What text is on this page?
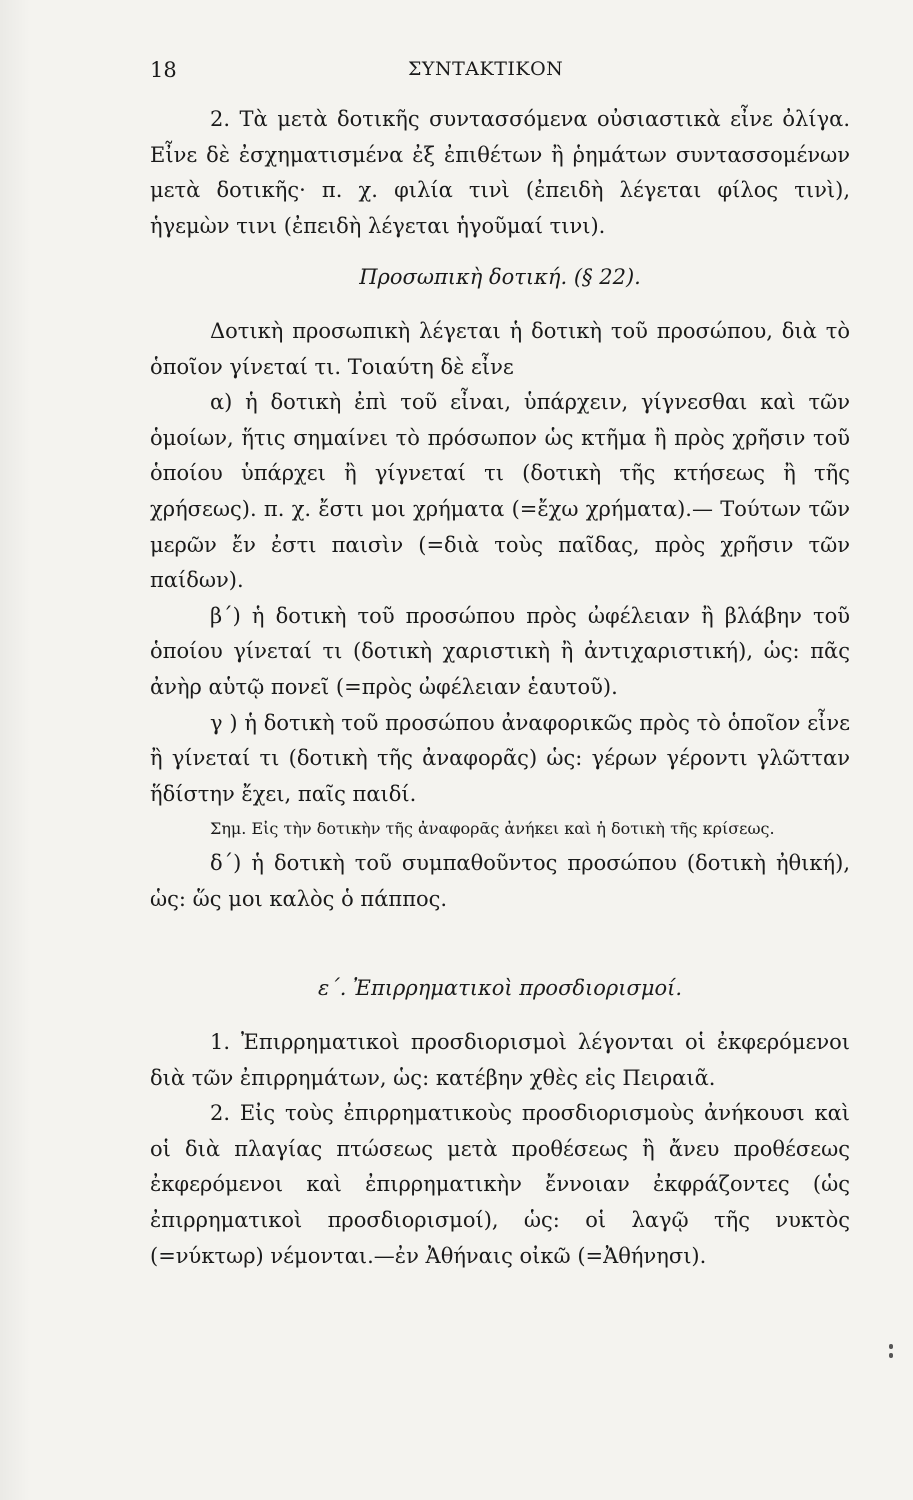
18	ΣΥΝΤΑΚΤΙΚΟΝ

2. Τὰ μετὰ δοτικῆς συντασσόμενα οὐσιαστικὰ εἶνε ὀλίγα. Εἶνε δὲ ἐσχηματισμένα ἐξ ἐπιθέτων ἢ ῥημάτων συντασσομένων μετὰ δοτικῆς· π. χ. φιλία τινὶ (ἐπειδὴ λέγεται φίλος τινὶ), ἡγεμὼν τινι (ἐπειδὴ λέγεται ἡγοῦμαί τινι).

Προσωπικὴ δοτική. (§ 22).

Δοτικὴ προσωπικὴ λέγεται ἡ δοτικὴ τοῦ προσώπου, διὰ τὸ ὁποῖον γίνεταί τι. Τοιαύτη δὲ εἶνε

α) ἡ δοτικὴ ἐπὶ τοῦ εἶναι, ὑπάρχειν, γίγνεσθαι καὶ τῶν ὁμοίων, ἥτις σημαίνει τὸ πρόσωπον ὡς κτῆμα ἢ πρὸς χρῆσιν τοῦ ὁποίου ὑπάρχει ἢ γίγνεταί τι (δοτικὴ τῆς κτήσεως ἢ τῆς χρήσεως). π. χ. ἔστι μοι χρήματα (=ἔχω χρήματα).— Τούτων τῶν μερῶν ἔν ἐστι παισὶν (=διὰ τοὺς παῖδας, πρὸς χρῆσιν τῶν παίδων).

β´) ἡ δοτικὴ τοῦ προσώπου πρὸς ὠφέλειαν ἢ βλάβην τοῦ ὁποίου γίνεταί τι (δοτικὴ χαριστικὴ ἢ ἀντιχαριστική), ὡς: πᾶς ἀνὴρ αὑτῷ πονεῖ (=πρὸς ὠφέλειαν ἑαυτοῦ).

γ ) ἡ δοτικὴ τοῦ προσώπου ἀναφορικῶς πρὸς τὸ ὁποῖον εἶνε ἢ γίνεταί τι (δοτικὴ τῆς ἀναφορᾶς) ὡς: γέρων γέροντι γλῶτταν ἥδίστην ἔχει, παῖς παιδί.

Σημ. Εἰς τὴν δοτικὴν τῆς ἀναφορᾶς ἀνήκει καὶ ἡ δοτικὴ τῆς κρίσεως.

δ´) ἡ δοτικὴ τοῦ συμπαθοῦντος προσώπου (δοτικὴ ἠθική), ὡς: ὥς μοι καλὸς ὁ πάππος.

ε´. Ἐπιρρηματικοὶ προσδιορισμοί.

1. Ἐπιρρηματικοὶ προσδιορισμοὶ λέγονται οἱ ἐκφερόμενοι διὰ τῶν ἐπιρρημάτων, ὡς: κατέβην χθὲς εἰς Πειραιᾶ.

2. Εἰς τοὺς ἐπιρρηματικοὺς προσδιορισμοὺς ἀνήκουσι καὶ οἱ διὰ πλαγίας πτώσεως μετὰ προθέσεως ἢ ἄνευ προθέσεως ἐκφερόμενοι καὶ ἐπιρρηματικὴν ἔννοιαν ἐκφράζοντες (ὡς ἐπιρρηματικοὶ προσδιορισμοί), ὡς: οἱ λαγῷ τῆς νυκτὸς (=νύκτωρ) νέμονται.—ἐν Ἀθήναις οἰκῶ (=Ἀθήνησι).
